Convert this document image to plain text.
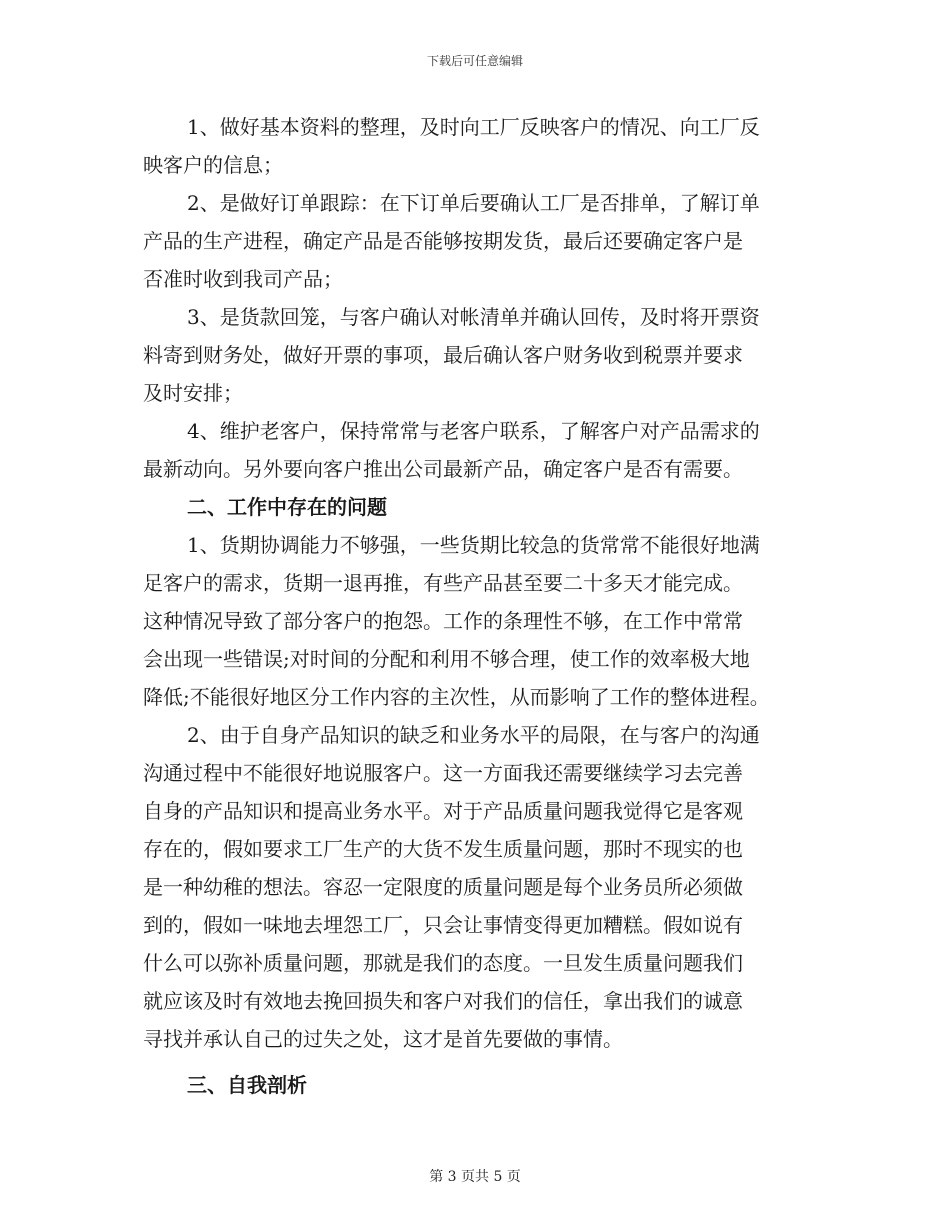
下载后可任意编辑
1、做好基本资料的整理，及时向工厂反映客户的情况、向工厂反
映客户的信息；
2、是做好订单跟踪：在下订单后要确认工厂是否排单，了解订单
产品的生产进程，确定产品是否能够按期发货，最后还要确定客户是
否准时收到我司产品；
3、是货款回笼，与客户确认对帐清单并确认回传，及时将开票资
料寄到财务处，做好开票的事项，最后确认客户财务收到税票并要求
及时安排；
4、维护老客户，保持常常与老客户联系，了解客户对产品需求的
最新动向。另外要向客户推出公司最新产品，确定客户是否有需要。
二、工作中存在的问题
1、货期协调能力不够强，一些货期比较急的货常常不能很好地满
足客户的需求，货期一退再推，有些产品甚至要二十多天才能完成。
这种情况导致了部分客户的抱怨。工作的条理性不够，在工作中常常
会出现一些错误;对时间的分配和利用不够合理，使工作的效率极大地
降低;不能很好地区分工作内容的主次性，从而影响了工作的整体进程。
2、由于自身产品知识的缺乏和业务水平的局限，在与客户的沟通
沟通过程中不能很好地说服客户。这一方面我还需要继续学习去完善
自身的产品知识和提高业务水平。对于产品质量问题我觉得它是客观
存在的，假如要求工厂生产的大货不发生质量问题，那时不现实的也
是一种幼稚的想法。容忍一定限度的质量问题是每个业务员所必须做
到的，假如一味地去埋怨工厂，只会让事情变得更加糟糕。假如说有
什么可以弥补质量问题，那就是我们的态度。一旦发生质量问题我们
就应该及时有效地去挽回损失和客户对我们的信任，拿出我们的诚意
寻找并承认自己的过失之处，这才是首先要做的事情。
三、自我剖析
第 3 页共 5 页
